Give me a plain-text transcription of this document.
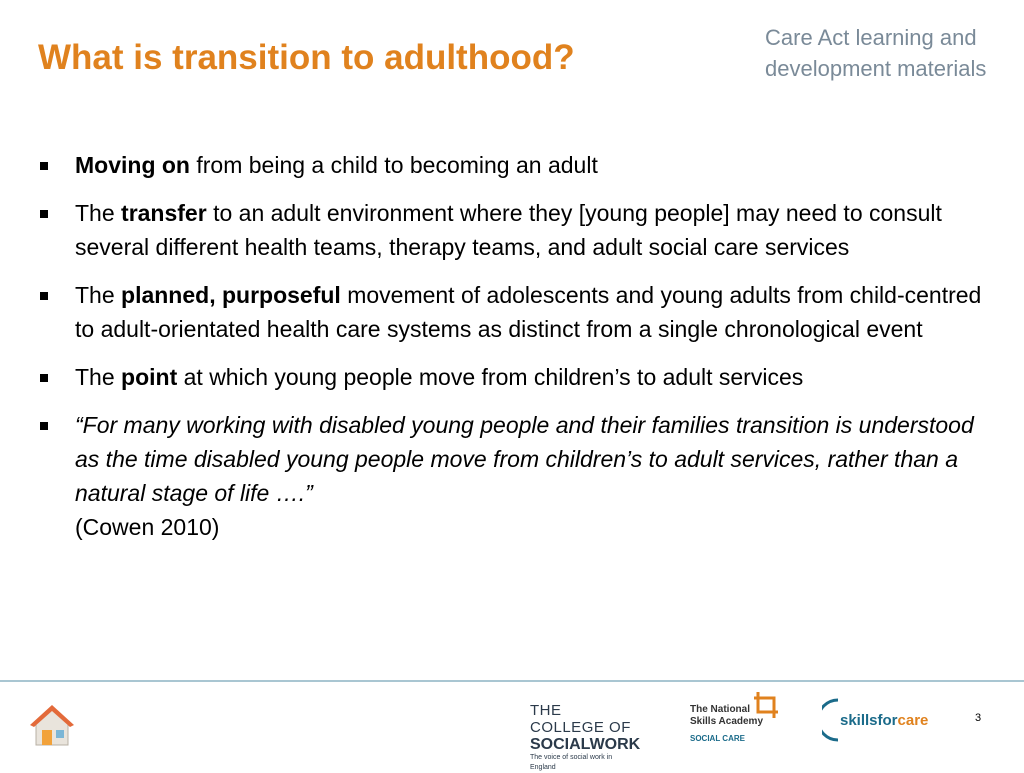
What is transition to adulthood?
Care Act learning and
development materials
Moving on from being a child to becoming an adult
The transfer to an adult environment where they [young people] may need to consult several different health teams, therapy teams, and adult social care services
The planned, purposeful movement of adolescents and young adults from child-centred to adult-orientated health care systems as distinct from a single chronological event
The point at which young people move from children’s to adult services
“For many working with disabled young people and their families transition is understood as the time disabled young people move from children’s to adult services, rather than a natural stage of life ….”
(Cowen 2010)
THE COLLEGE OF
SOCIALWORK
The voice of social work in England
The National
Skills Academy
SOCIAL CARE
skillsforcare	3
